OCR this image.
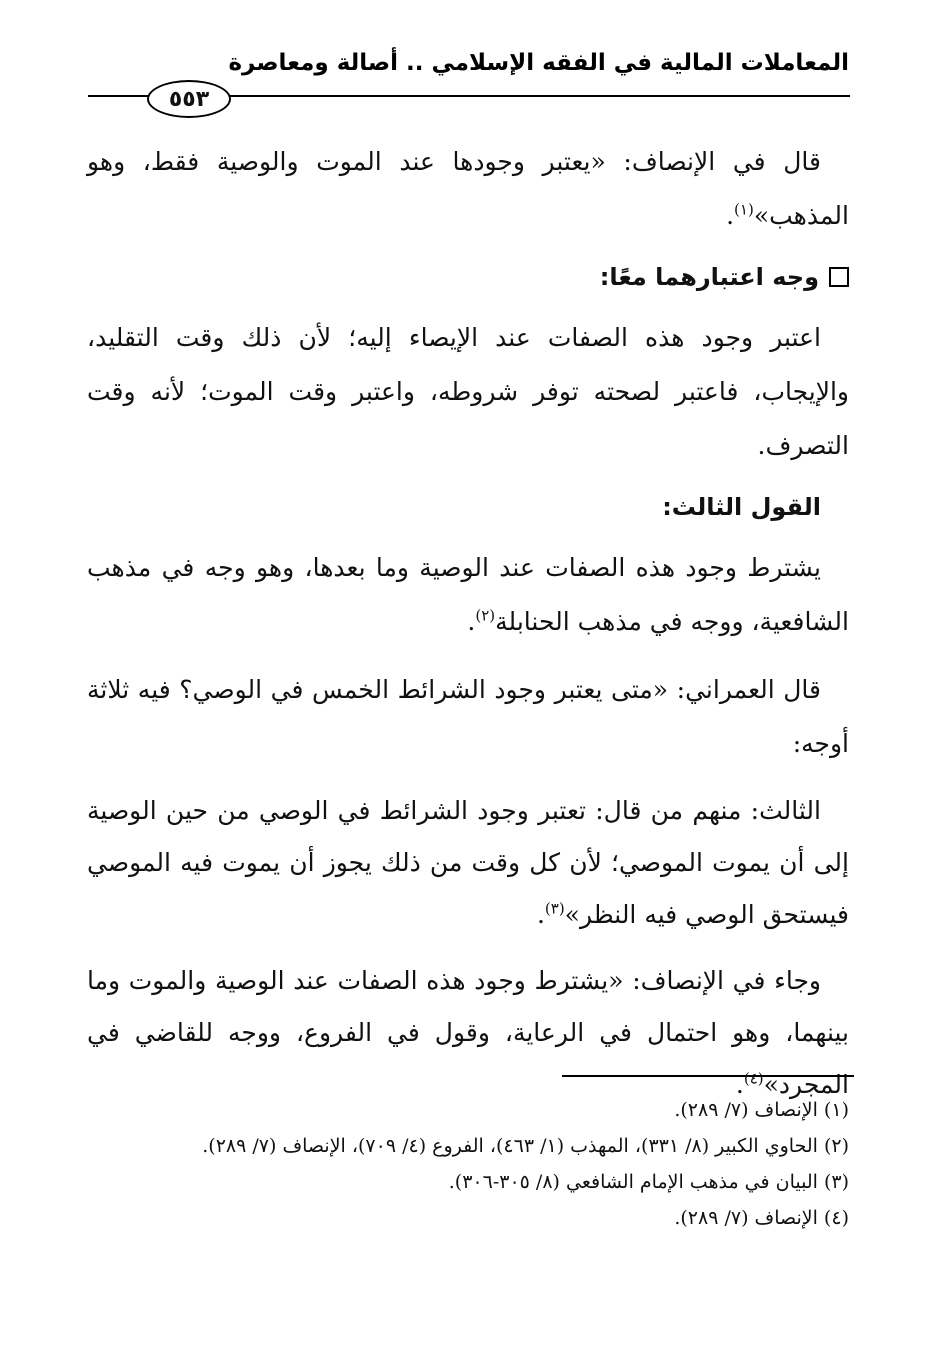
المعاملات المالية في الفقه الإسلامي .. أصالة ومعاصرة
٥٥٣

قال في الإنصاف: «يعتبر وجودها عند الموت والوصية فقط، وهو المذهب»$^{(١)}$.

وجه اعتبارهما معًا:

اعتبر وجود هذه الصفات عند الإيصاء إليه؛ لأن ذلك وقت التقليد، والإيجاب، فاعتبر لصحته توفر شروطه، واعتبر وقت الموت؛ لأنه وقت التصرف.

القول الثالث:

يشترط وجود هذه الصفات عند الوصية وما بعدها، وهو وجه في مذهب الشافعية، ووجه في مذهب الحنابلة$^{(٢)}$.

قال العمراني: «متى يعتبر وجود الشرائط الخمس في الوصي؟ فيه ثلاثة أوجه:

الثالث: منهم من قال: تعتبر وجود الشرائط في الوصي من حين الوصية إلى أن يموت الموصي؛ لأن كل وقت من ذلك يجوز أن يموت فيه الموصي فيستحق الوصي فيه النظر»$^{(٣)}$.

وجاء في الإنصاف: «يشترط وجود هذه الصفات عند الوصية والموت وما بينهما، وهو احتمال في الرعاية، وقول في الفروع، ووجه للقاضي في المجرد»$^{(٤)}$.

(١) الإنصاف (٧/ ٢٨٩).
(٢) الحاوي الكبير (٨/ ٣٣١)، المهذب (١/ ٤٦٣)، الفروع (٤/ ٧٠٩)، الإنصاف (٧/ ٢٨٩).
(٣) البيان في مذهب الإمام الشافعي (٨/ ٣٠٥-٣٠٦).
(٤) الإنصاف (٧/ ٢٨٩).
